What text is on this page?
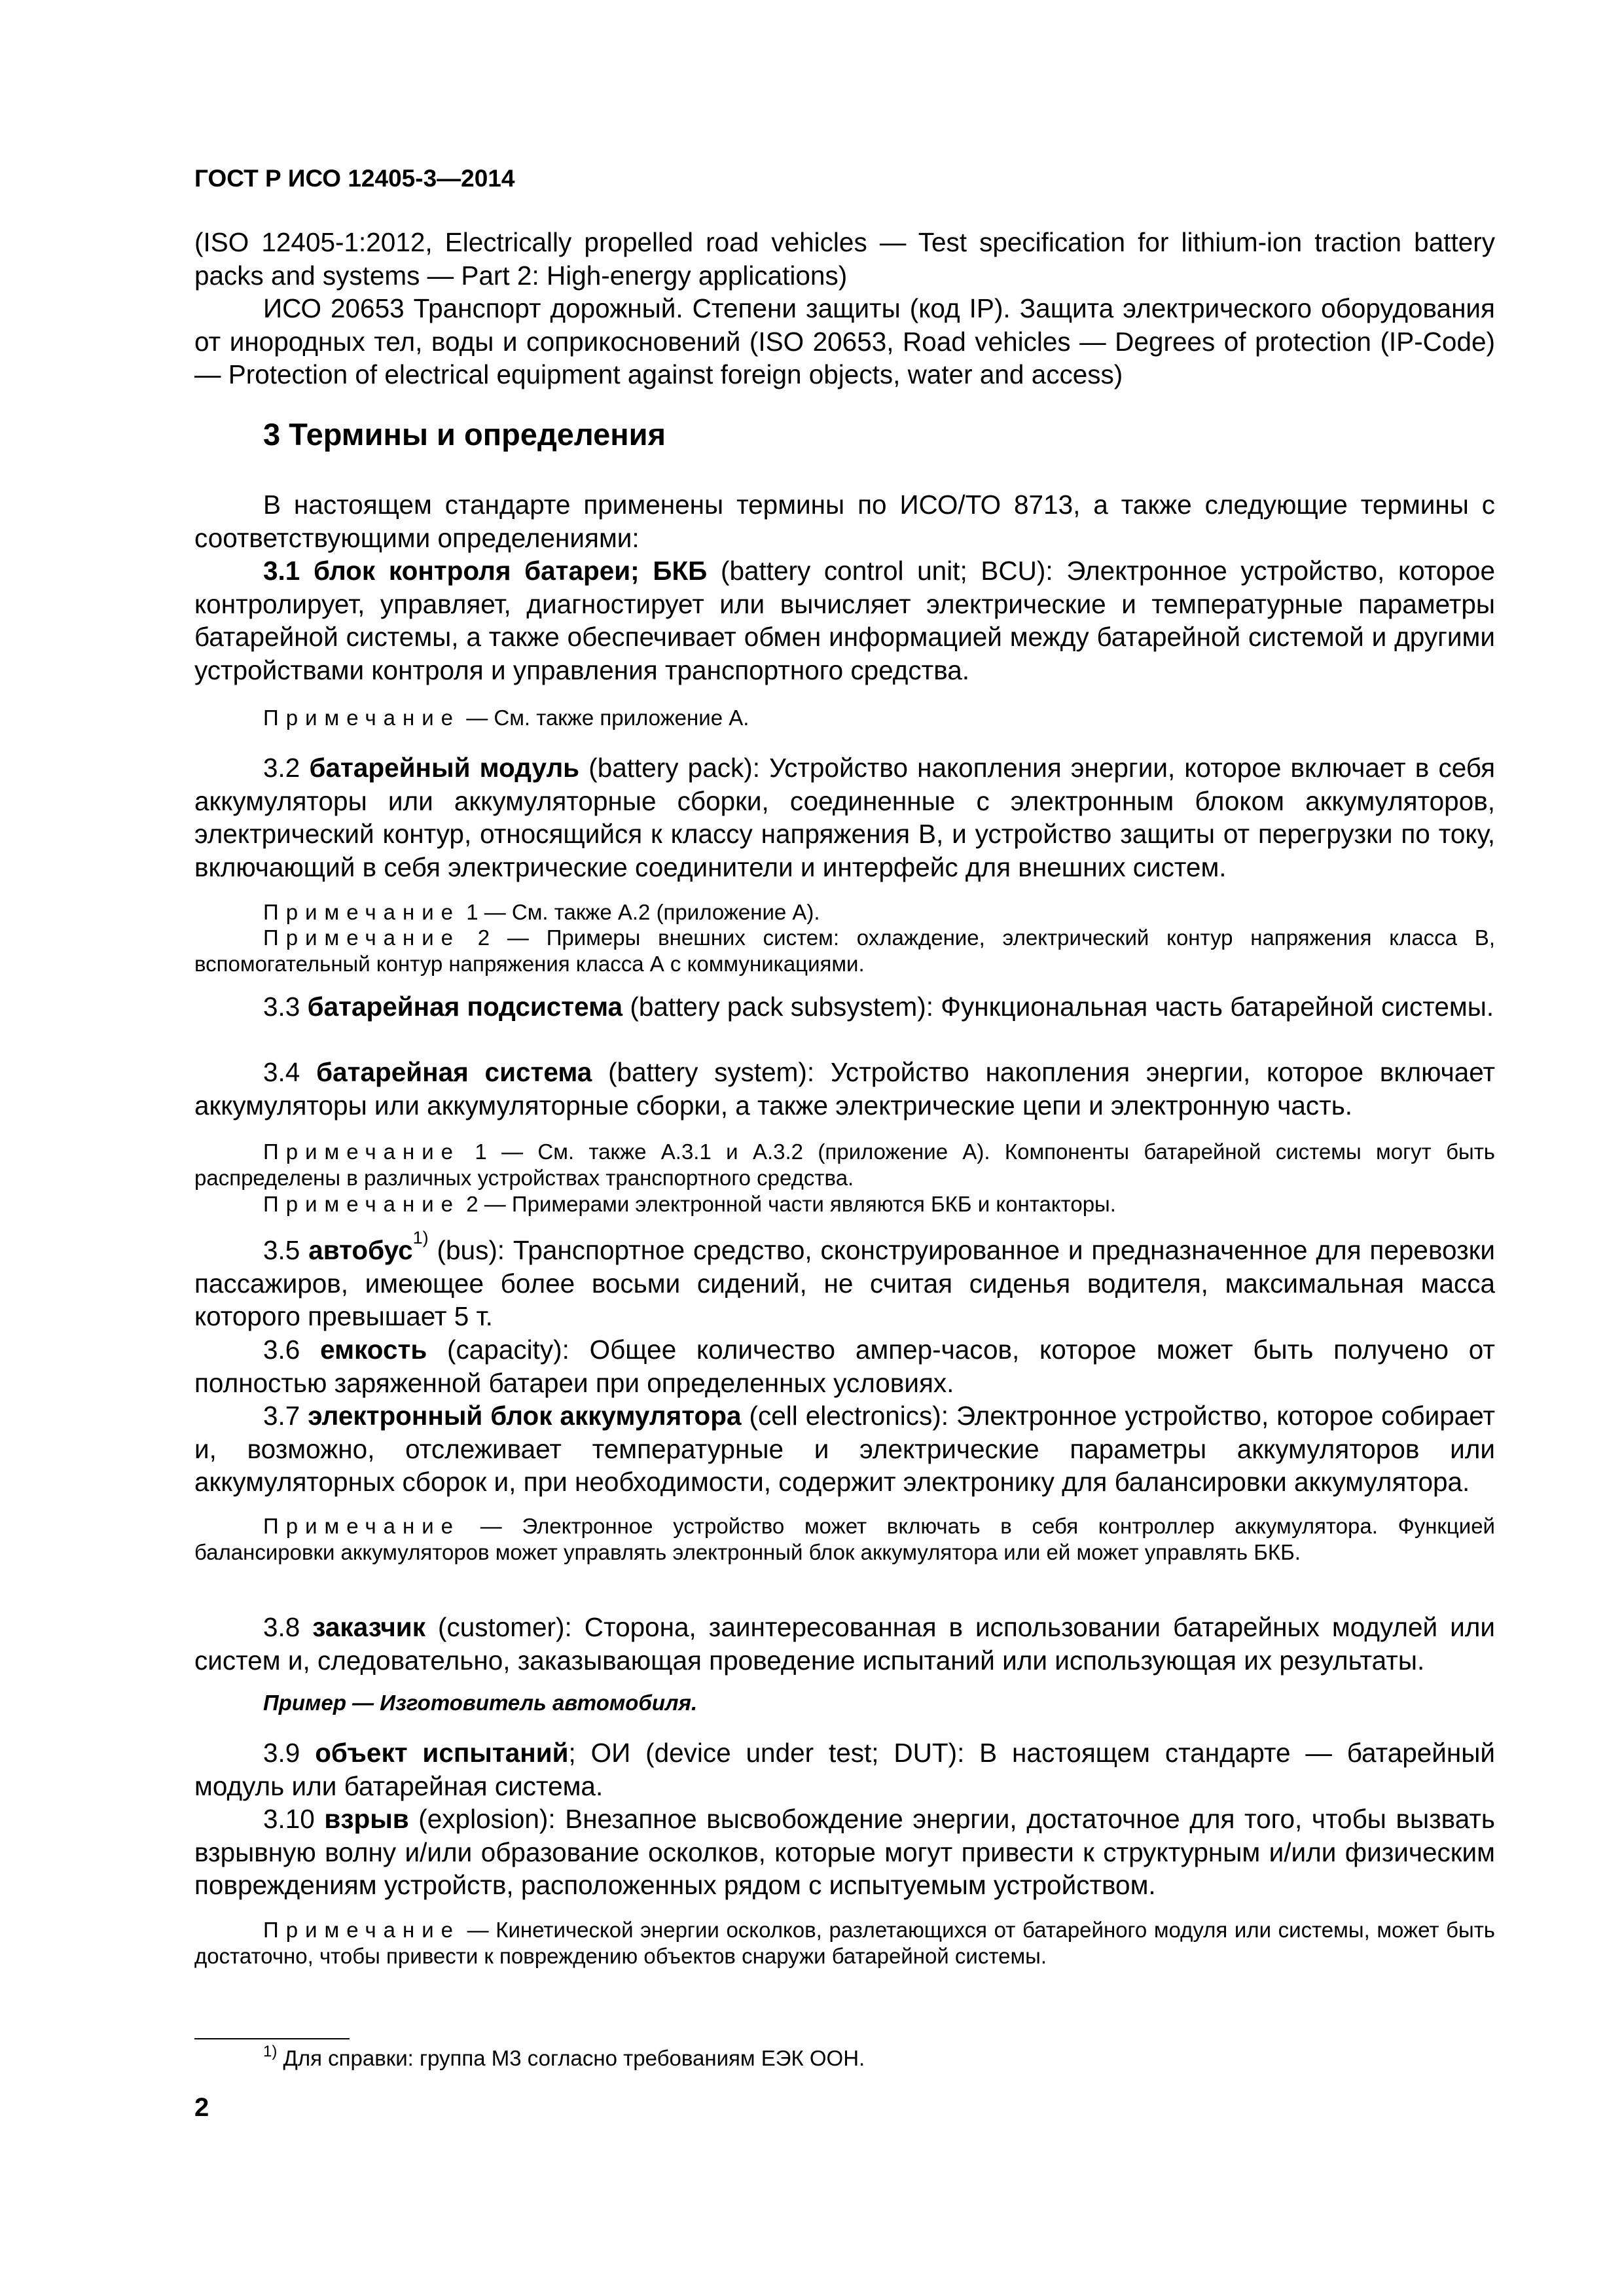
ГОСТ Р ИСО 12405-3—2014

(ISO 12405-1:2012, Electrically propelled road vehicles — Test specification for lithium-ion traction battery packs and systems — Part 2: High-energy applications)

ИСО 20653 Транспорт дорожный. Степени защиты (код IP). Защита электрического оборудования от инородных тел, воды и соприкосновений (ISO 20653, Road vehicles — Degrees of protection (IP-Code) — Protection of electrical equipment against foreign objects, water and access)

3 Термины и определения

В настоящем стандарте применены термины по ИСО/ТО 8713, а также следующие термины с соответствующими определениями:

3.1 блок контроля батареи; БКБ (battery control unit; BCU): Электронное устройство, которое контролирует, управляет, диагностирует или вычисляет электрические и температурные параметры батарейной системы, а также обеспечивает обмен информацией между батарейной системой и другими устройствами контроля и управления транспортного средства.

Примечание — См. также приложение А.

3.2 батарейный модуль (battery pack): Устройство накопления энергии, которое включает в себя аккумуляторы или аккумуляторные сборки, соединенные с электронным блоком аккумуляторов, электрический контур, относящийся к классу напряжения В, и устройство защиты от перегрузки по току, включающий в себя электрические соединители и интерфейс для внешних систем.

Примечание 1 — См. также А.2 (приложение А).

Примечание 2 — Примеры внешних систем: охлаждение, электрический контур напряжения класса В, вспомогательный контур напряжения класса А с коммуникациями.

3.3 батарейная подсистема (battery pack subsystem): Функциональная часть батарейной системы.

3.4 батарейная система (battery system): Устройство накопления энергии, которое включает аккумуляторы или аккумуляторные сборки, а также электрические цепи и электронную часть.

Примечание 1 — См. также А.3.1 и А.3.2 (приложение А). Компоненты батарейной системы могут быть распределены в различных устройствах транспортного средства.

Примечание 2 — Примерами электронной части являются БКБ и контакторы.

3.5 автобус$^{1)}$ (bus): Транспортное средство, сконструированное и предназначенное для перевозки пассажиров, имеющее более восьми сидений, не считая сиденья водителя, максимальная масса которого превышает 5 т.

3.6 емкость (capacity): Общее количество ампер-часов, которое может быть получено от полностью заряженной батареи при определенных условиях.

3.7 электронный блок аккумулятора (cell electronics): Электронное устройство, которое собирает и, возможно, отслеживает температурные и электрические параметры аккумуляторов или аккумуляторных сборок и, при необходимости, содержит электронику для балансировки аккумулятора.

Примечание — Электронное устройство может включать в себя контроллер аккумулятора. Функцией балансировки аккумуляторов может управлять электронный блок аккумулятора или ей может управлять БКБ.

3.8 заказчик (customer): Сторона, заинтересованная в использовании батарейных модулей или систем и, следовательно, заказывающая проведение испытаний или использующая их результаты.

Пример — Изготовитель автомобиля.

3.9 объект испытаний; ОИ (device under test; DUT): В настоящем стандарте — батарейный модуль или батарейная система.

3.10 взрыв (explosion): Внезапное высвобождение энергии, достаточное для того, чтобы вызвать взрывную волну и/или образование осколков, которые могут привести к структурным и/или физическим повреждениям устройств, расположенных рядом с испытуемым устройством.

Примечание — Кинетической энергии осколков, разлетающихся от батарейного модуля или системы, может быть достаточно, чтобы привести к повреждению объектов снаружи батарейной системы.

$^{1)}$ Для справки: группа М3 согласно требованиям ЕЭК ООН.
2
